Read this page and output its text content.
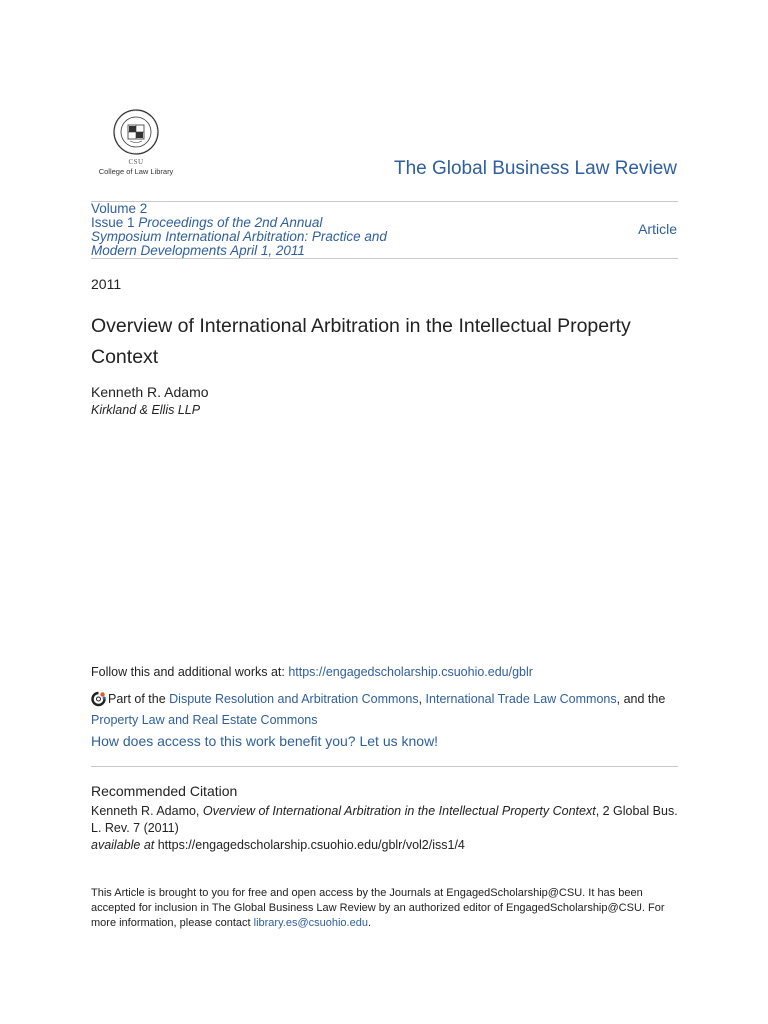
CSU
College of Law Library	The Global Business Law Review
Volume 2
Issue 1 Proceedings of the 2nd Annual Symposium International Arbitration: Practice and Modern Developments April 1, 2011
Article
2011
Overview of International Arbitration in the Intellectual Property Context
Kenneth R. Adamo
Kirkland & Ellis LLP
Follow this and additional works at: https://engagedscholarship.csuohio.edu/gblr
Part of the Dispute Resolution and Arbitration Commons, International Trade Law Commons, and the
Property Law and Real Estate Commons
How does access to this work benefit you? Let us know!
Recommended Citation
Kenneth R. Adamo, Overview of International Arbitration in the Intellectual Property Context, 2 Global Bus. L. Rev. 7 (2011)
available at https://engagedscholarship.csuohio.edu/gblr/vol2/iss1/4
This Article is brought to you for free and open access by the Journals at EngagedScholarship@CSU. It has been accepted for inclusion in The Global Business Law Review by an authorized editor of EngagedScholarship@CSU. For more information, please contact library.es@csuohio.edu.
